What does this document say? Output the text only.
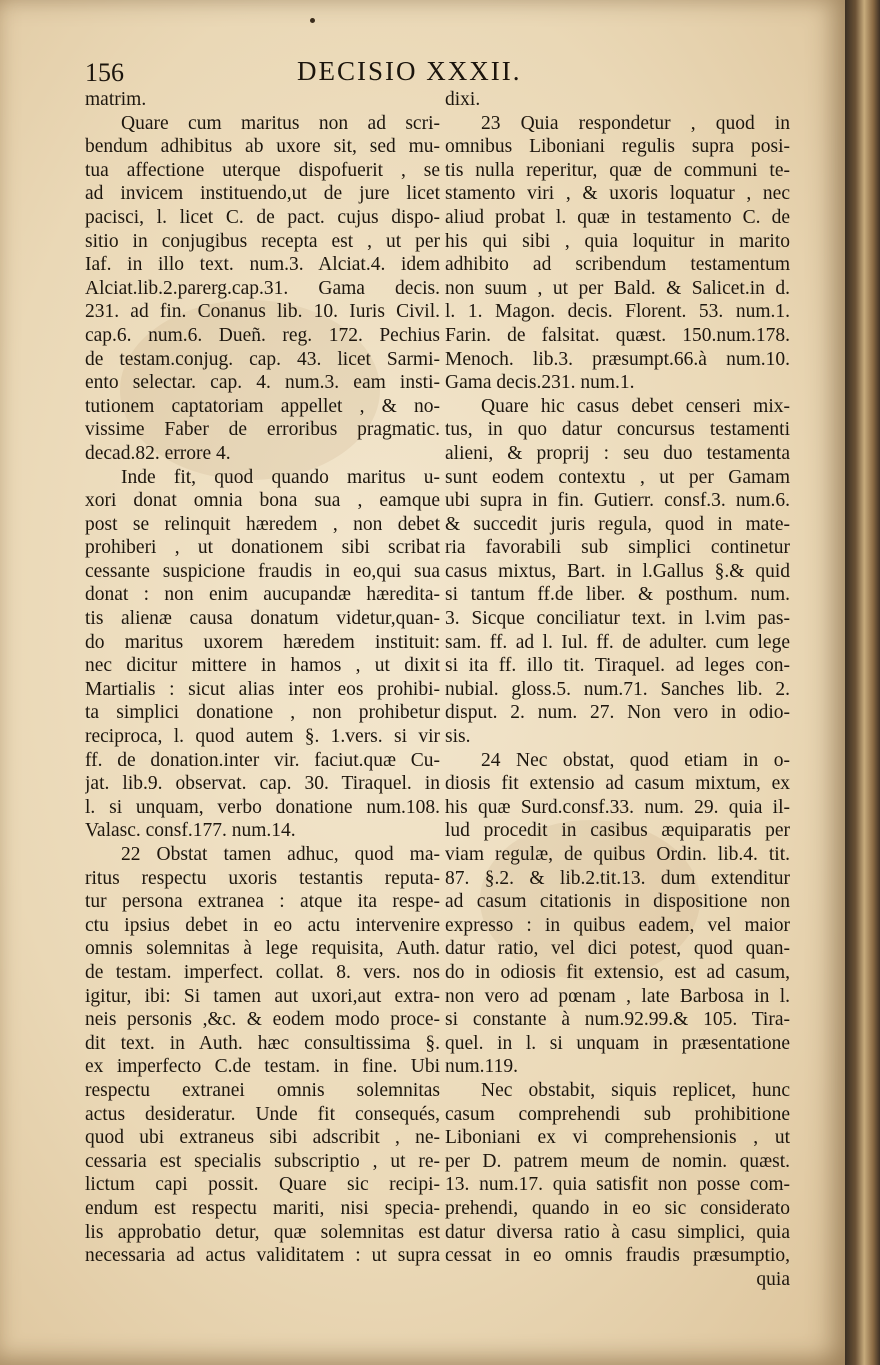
156	DECISIO XXXII.
matrim.
Quare cum maritus non ad scri-
bendum adhibitus ab uxore sit, sed mu-
tua affectione uterque dispofuerit , se
ad invicem instituendo,ut de jure licet
pacisci, l. licet C. de pact. cujus dispo-
sitio in conjugibus recepta est , ut per
Iaf. in illo text. num.3. Alciat.4. idem
Alciat.lib.2.parerg.cap.31. Gama decis.
231. ad fin. Conanus lib. 10. Iuris Civil.
cap.6. num.6. Dueñ. reg. 172. Pechius
de testam.conjug. cap. 43. licet Sarmi-
ento selectar. cap. 4. num.3. eam insti-
tutionem captatoriam appellet , & no-
vissime Faber de erroribus pragmatic.
decad.82. errore 4.
Inde fit, quod quando maritus u-
xori donat omnia bona sua , eamque
post se relinquit hæredem , non debet
prohiberi , ut donationem sibi scribat
cessante suspicione fraudis in eo,qui sua
donat : non enim aucupandæ hæredita-
tis alienæ causa donatum videtur,quan-
do maritus uxorem hæredem instituit:
nec dicitur mittere in hamos , ut dixit
Martialis : sicut alias inter eos prohibi-
ta simplici donatione , non prohibetur
reciproca, l. quod autem §. 1.vers. si vir
ff. de donation.inter vir. faciut.quæ Cu-
jat. lib.9. observat. cap. 30. Tiraquel. in
l. si unquam, verbo donatione num.108.
Valasc. consf.177. num.14.
22 Obstat tamen adhuc, quod ma-
ritus respectu uxoris testantis reputa-
tur persona extranea : atque ita respe-
ctu ipsius debet in eo actu intervenire
omnis solemnitas à lege requisita, Auth.
de testam. imperfect. collat. 8. vers. nos
igitur, ibi: Si tamen aut uxori,aut extra-
neis personis ,&c. & eodem modo proce-
dit text. in Auth. hæc consultissima §.
ex imperfecto C.de testam. in fine. Ubi
respectu extranei omnis solemnitas
actus desideratur. Unde fit consequés,
quod ubi extraneus sibi adscribit , ne-
cessaria est specialis subscriptio , ut re-
lictum capi possit. Quare sic recipi-
endum est respectu mariti, nisi specia-
lis approbatio detur, quæ solemnitas est
necessaria ad actus validitatem : ut supra
dixi.
23 Quia respondetur , quod in
omnibus Liboniani regulis supra posi-
tis nulla reperitur, quæ de communi te-
stamento viri , & uxoris loquatur , nec
aliud probat l. quæ in testamento C. de
his qui sibi , quia loquitur in marito
adhibito ad scribendum testamentum
non suum , ut per Bald. & Salicet.in d.
l. 1. Magon. decis. Florent. 53. num.1.
Farin. de falsitat. quæst. 150.num.178.
Menoch. lib.3. præsumpt.66.à num.10.
Gama decis.231. num.1.
Quare hic casus debet censeri mix-
tus, in quo datur concursus testamenti
alieni, & proprij : seu duo testamenta
sunt eodem contextu , ut per Gamam
ubi supra in fin. Gutierr. consf.3. num.6.
& succedit juris regula, quod in mate-
ria favorabili sub simplici continetur
casus mixtus, Bart. in l.Gallus §.& quid
si tantum ff.de liber. & posthum. num.
3. Sicque conciliatur text. in l.vim pas-
sam. ff. ad l. Iul. ff. de adulter. cum lege
si ita ff. illo tit. Tiraquel. ad leges con-
nubial. gloss.5. num.71. Sanches lib. 2.
disput. 2. num. 27. Non vero in odio-
sis.
24 Nec obstat, quod etiam in o-
diosis fit extensio ad casum mixtum, ex
his quæ Surd.consf.33. num. 29. quia il-
lud procedit in casibus æquiparatis per
viam regulæ, de quibus Ordin. lib.4. tit.
87. §.2. & lib.2.tit.13. dum extenditur
ad casum citationis in dispositione non
expresso : in quibus eadem, vel maior
datur ratio, vel dici potest, quod quan-
do in odiosis fit extensio, est ad casum,
non vero ad pœnam , late Barbosa in l.
si constante à num.92.99.& 105. Tira-
quel. in l. si unquam in præsentatione
num.119.
Nec obstabit, siquis replicet, hunc
casum comprehendi sub prohibitione
Liboniani ex vi comprehensionis , ut
per D. patrem meum de nomin. quæst.
13. num.17. quia satisfit non posse com-
prehendi, quando in eo sic considerato
datur diversa ratio à casu simplici, quia
cessat in eo omnis fraudis præsumptio,
quia
